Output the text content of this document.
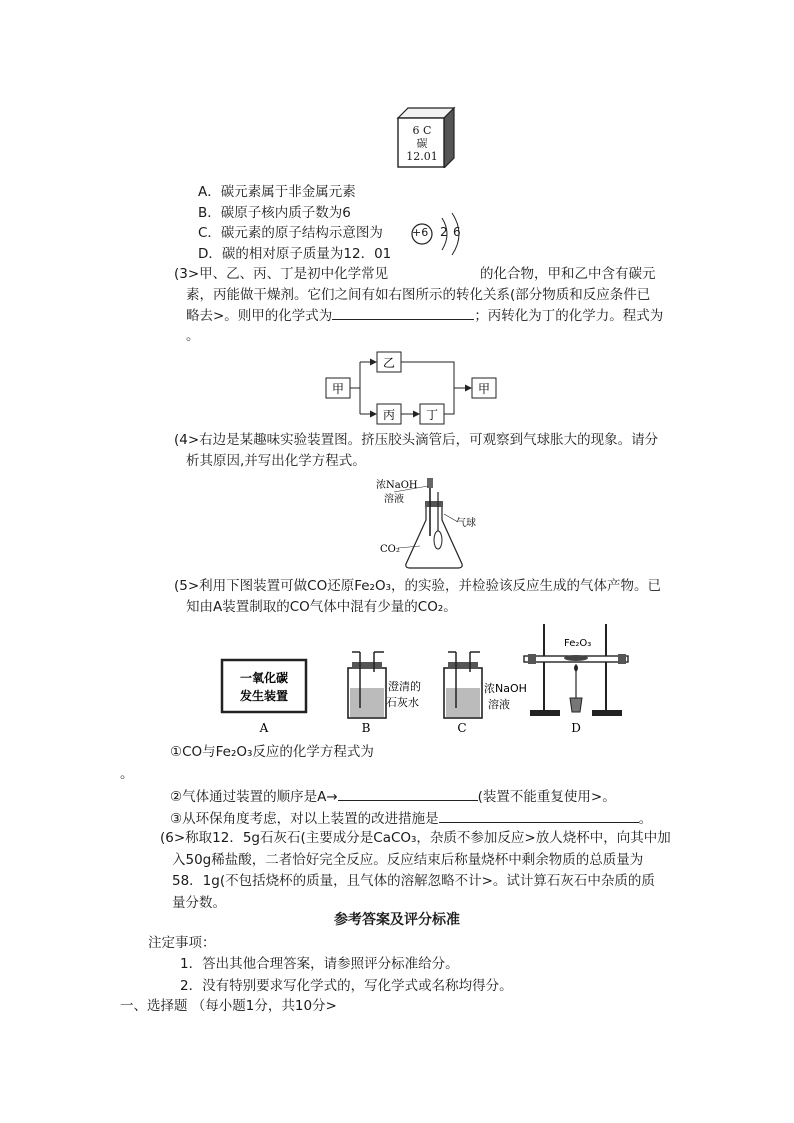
6 C
碳
12.01
A．碳元素属于非金属元素
B．碳原子核内质子数为6
C．碳元素的原子结构示意图为
D．碳的相对原子质量为12．01
+6 2 6
(3>甲、乙、丙、丁是初中化学常见	的化合物，甲和乙中含有碳元
素，丙能做干燥剂。它们之间有如右图所示的转化关系(部分物质和反应条件已
略去>。则甲的化学式为	；丙转化为丁的化学力。程式为
。
甲
乙
丙	丁
甲
(4>右边是某趣味实验装置图。挤压胶头滴管后，可观察到气球胀大的现象。请分
析其原因,并写出化学方程式。
浓NaOH
溶液
气球
CO₂
(5>利用下图装置可做CO还原Fe₂O₃，的实验，并检验该反应生成的气体产物。已
知由A装置制取的CO气体中混有少量的CO₂。
一氧化碳
发生装置
澄清的
石灰水
浓NaOH
溶液
Fe₂O₃
A	B	C	D
①CO与Fe₂O₃反应的化学方程式为
。
②气体通过装置的顺序是A→	(装置不能重复使用>。
③从环保角度考虑，对以上装置的改进措施是	。
(6>称取12．5g石灰石(主要成分是CaCO₃，杂质不参加反应>放人烧杯中，向其中加
入50g稀盐酸，二者恰好完全反应。反应结束后称量烧杯中剩余物质的总质量为
58．1g(不包括烧杯的质量，且气体的溶解忽略不计>。试计算石灰石中杂质的质
量分数。
参考答案及评分标准
注定事项：
1．答出其他合理答案，请参照评分标准给分。
2．没有特别要求写化学式的，写化学式或名称均得分。
一、选择题 （每小题1分，共10分>
